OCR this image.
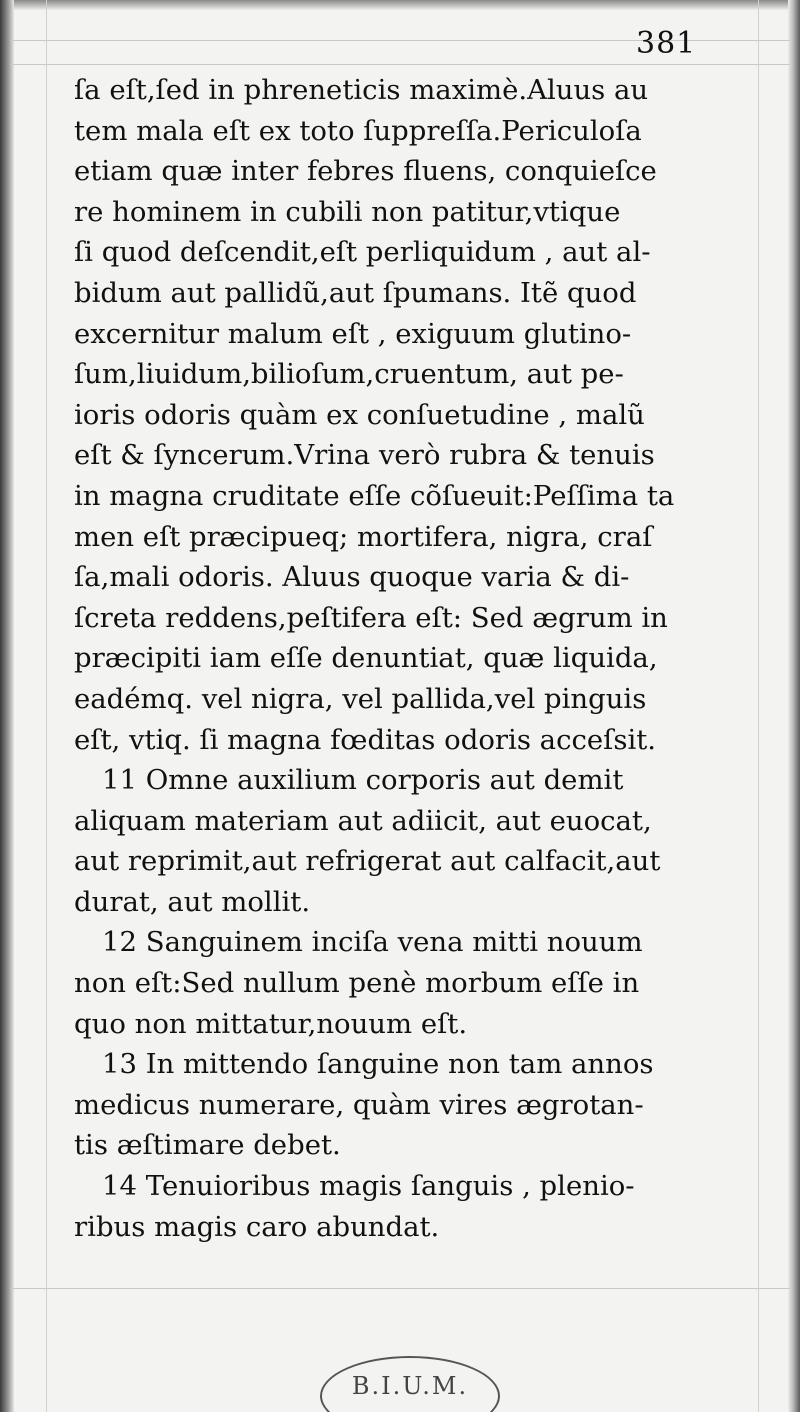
381
ſa eſt,ſed in phreneticis maximè.Aluus au
tem mala eſt ex toto ſuppreſſa.Periculoſa
etiam quæ inter febres fluens, conquieſce
re hominem in cubili non patitur,vtique
ſi quod deſcendit,eſt perliquidum , aut al-
bidum aut pallidũ,aut ſpumans. Itẽ quod
excernitur malum eſt , exiguum glutino-
ſum,liuidum,bilioſum,cruentum, aut pe-
ioris odoris quàm ex conſuetudine , malũ
eſt & ſyncerum.Vrina verò rubra & tenuis
in magna cruditate eſſe cõſueuit:Peſſima ta
men eſt præcipueq; mortifera, nigra, craſ
ſa,mali odoris. Aluus quoque varia & di-
ſcreta reddens,peſtifera eſt: Sed ægrum in
præcipiti iam eſſe denuntiat, quæ liquida,
eadémq. vel nigra, vel pallida,vel pinguis
eſt, vtiq. ſi magna fœditas odoris acceſsit.
11 Omne auxilium corporis aut demit
aliquam materiam aut adiicit, aut euocat,
aut reprimit,aut refrigerat aut calfacit,aut
durat, aut mollit.
12 Sanguinem inciſa vena mitti nouum
non eſt:Sed nullum penè morbum eſſe in
quo non mittatur,nouum eſt.
13 In mittendo ſanguine non tam annos
medicus numerare, quàm vires ægrotan-
tis æſtimare debet.
14 Tenuioribus magis ſanguis , plenio-
ribus magis caro abundat.
B.I.U.M.
